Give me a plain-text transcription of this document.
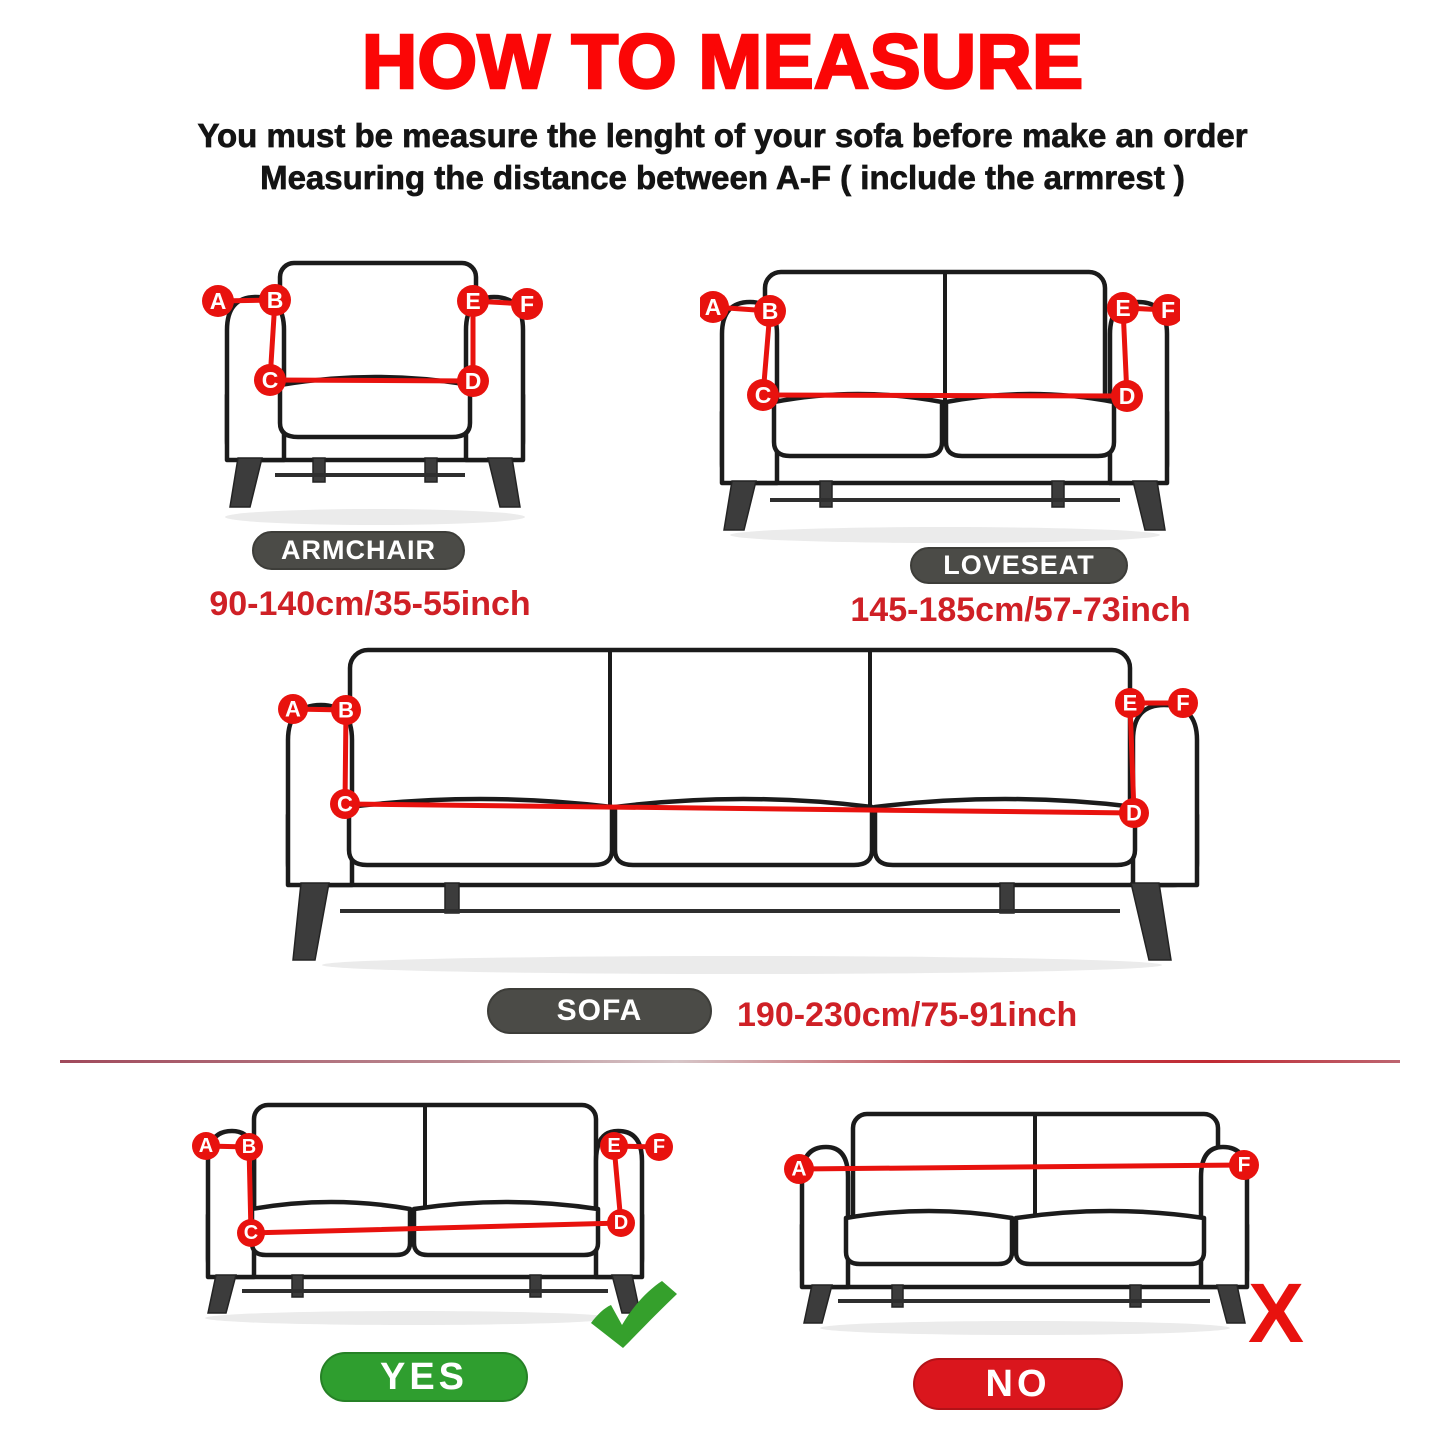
HOW TO MEASURE
You must be measure the lenght of your sofa before make an order
Measuring the distance between A-F ( include the armrest )
A B
C	D
E F
ARMCHAIR
90-140cm/35-55inch
A B
C	D
E F
LOVESEAT
145-185cm/57-73inch
A B
C	D
E F
SOFA	190-230cm/75-91inch
A B
C	D
E F
YES
A	F
X
NO
